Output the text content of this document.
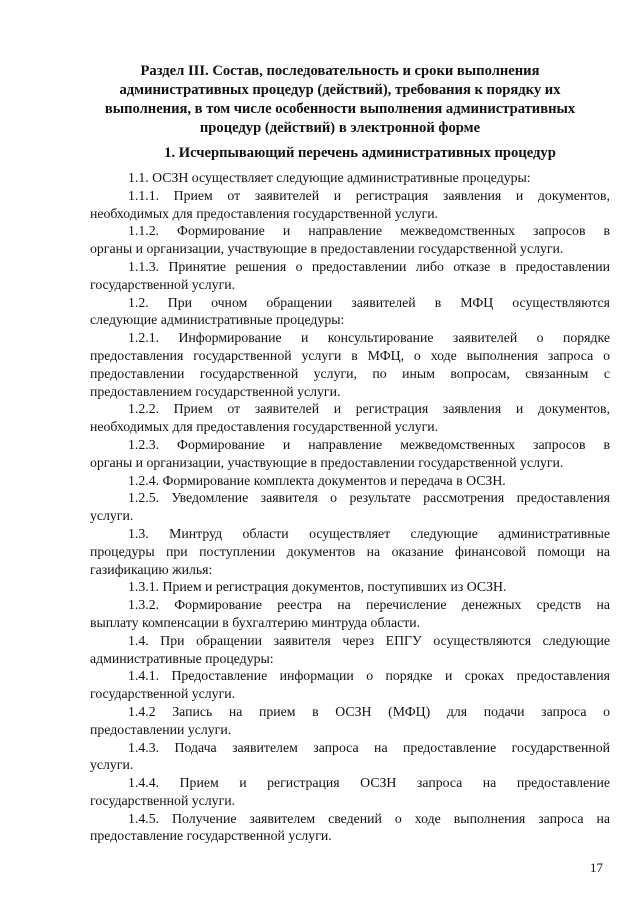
Раздел III. Состав, последовательность и сроки выполнения
административных процедур (действий), требования к порядку их
выполнения, в том числе особенности выполнения административных
процедур (действий) в электронной форме
1. Исчерпывающий перечень административных процедур

1.1. ОСЗН осуществляет следующие административные процедуры:

1.1.1. Прием от заявителей и регистрация заявления и документов,
необходимых для предоставления государственной услуги.

1.1.2. Формирование и направление межведомственных запросов в
органы и организации, участвующие в предоставлении государственной услуги.

1.1.3. Принятие решения о предоставлении либо отказе в предоставлении
государственной услуги.

1.2. При очном обращении заявителей в МФЦ осуществляются
следующие административные процедуры:

1.2.1. Информирование и консультирование заявителей о порядке
предоставления государственной услуги в МФЦ, о ходе выполнения запроса о предоставлении государственной услуги, по иным вопросам, связанным с предоставлением государственной услуги.

1.2.2. Прием от заявителей и регистрация заявления и документов,
необходимых для предоставления государственной услуги.

1.2.3. Формирование и направление межведомственных запросов в
органы и организации, участвующие в предоставлении государственной услуги.

1.2.4. Формирование комплекта документов и передача в ОСЗН.

1.2.5. Уведомление заявителя о результате рассмотрения предоставления
услуги.

1.3. Минтруд области осуществляет следующие административные
процедуры при поступлении документов на оказание финансовой помощи на газификацию жилья:

1.3.1. Прием и регистрация документов, поступивших из ОСЗН.

1.3.2. Формирование реестра на перечисление денежных средств на
выплату компенсации в бухгалтерию минтруда области.

1.4. При обращении заявителя через ЕПГУ осуществляются следующие
административные процедуры:

1.4.1. Предоставление информации о порядке и сроках предоставления
государственной услуги.

1.4.2 Запись на прием в ОСЗН (МФЦ) для подачи запроса о
предоставлении услуги.

1.4.3. Подача заявителем запроса на предоставление государственной
услуги.

1.4.4. Прием и регистрация ОСЗН запроса на предоставление
государственной услуги.

1.4.5. Получение заявителем сведений о ходе выполнения запроса на
предоставление государственной услуги.

17
